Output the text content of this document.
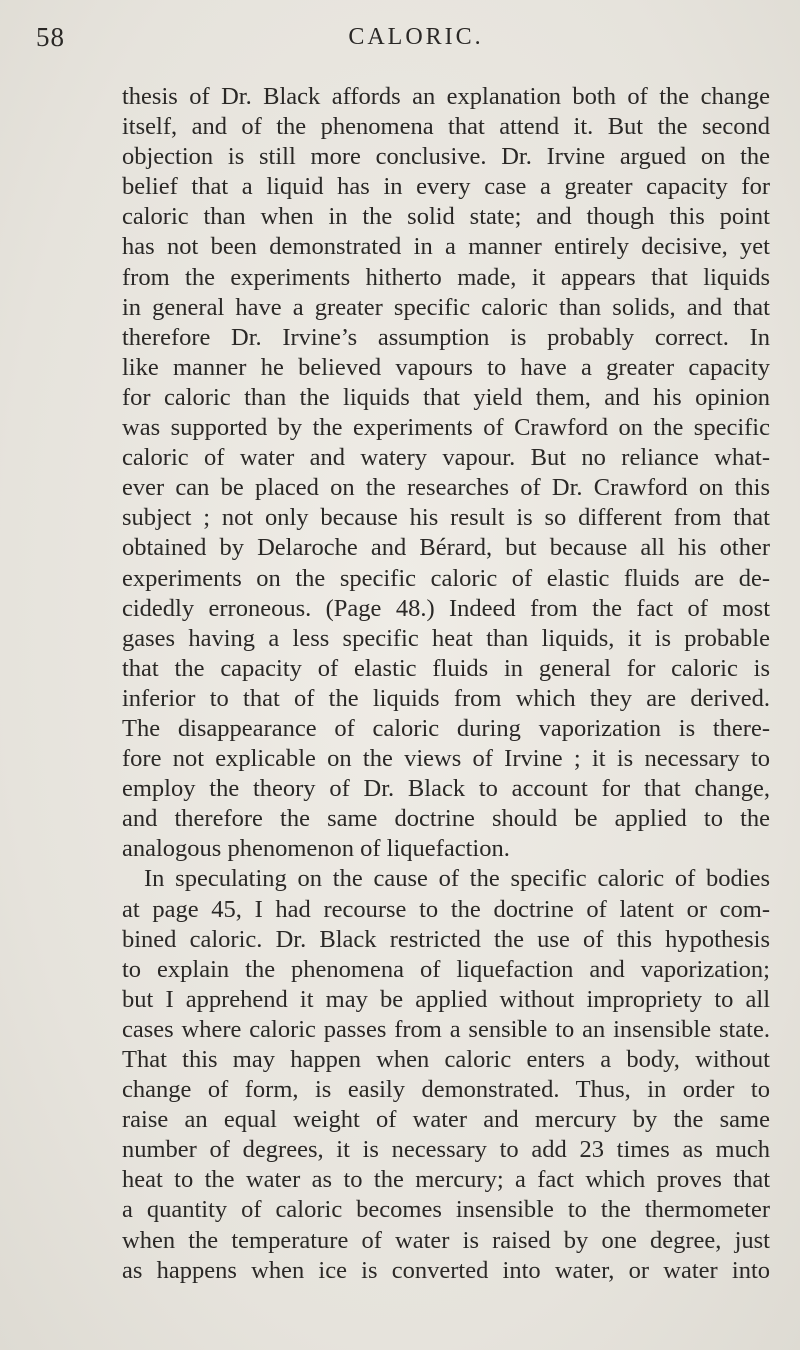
58	CALORIC.
thesis of Dr. Black affords an explanation both of the change
itself, and of the phenomena that attend it. But the second
objection is still more conclusive. Dr. Irvine argued on the
belief that a liquid has in every case a greater capacity for
caloric than when in the solid state; and though this point
has not been demonstrated in a manner entirely decisive, yet
from the experiments hitherto made, it appears that liquids
in general have a greater specific caloric than solids, and that
therefore Dr. Irvine’s assumption is probably correct. In
like manner he believed vapours to have a greater capacity
for caloric than the liquids that yield them, and his opinion
was supported by the experiments of Crawford on the specific
caloric of water and watery vapour. But no reliance what-
ever can be placed on the researches of Dr. Crawford on this
subject ; not only because his result is so different from that
obtained by Delaroche and Bérard, but because all his other
experiments on the specific caloric of elastic fluids are de-
cidedly erroneous. (Page 48.) Indeed from the fact of most
gases having a less specific heat than liquids, it is probable
that the capacity of elastic fluids in general for caloric is
inferior to that of the liquids from which they are derived.
The disappearance of caloric during vaporization is there-
fore not explicable on the views of Irvine ; it is necessary to
employ the theory of Dr. Black to account for that change,
and therefore the same doctrine should be applied to the
analogous phenomenon of liquefaction.
In speculating on the cause of the specific caloric of bodies
at page 45, I had recourse to the doctrine of latent or com-
bined caloric. Dr. Black restricted the use of this hypothesis
to explain the phenomena of liquefaction and vaporization;
but I apprehend it may be applied without impropriety to all
cases where caloric passes from a sensible to an insensible state.
That this may happen when caloric enters a body, without
change of form, is easily demonstrated. Thus, in order to
raise an equal weight of water and mercury by the same
number of degrees, it is necessary to add 23 times as much
heat to the water as to the mercury; a fact which proves that
a quantity of caloric becomes insensible to the thermometer
when the temperature of water is raised by one degree, just
as happens when ice is converted into water, or water into
